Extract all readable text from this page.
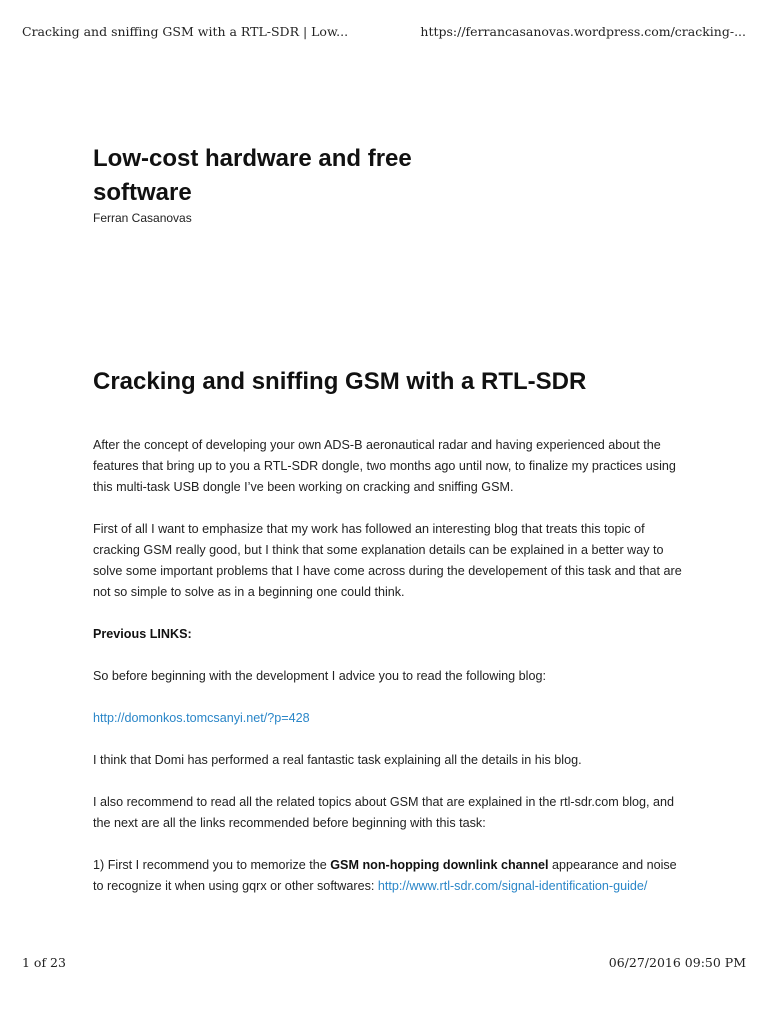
Cracking and sniffing GSM with a RTL-SDR | Low...	https://ferrancasanovas.wordpress.com/cracking-...
Low-cost hardware and free software
Ferran Casanovas
Cracking and sniffing GSM with a RTL-SDR

After the concept of developing your own ADS-B aeronautical radar and having experienced about the features that bring up to you a RTL-SDR dongle, two months ago until now, to finalize my practices using this multi-task USB dongle I’ve been working on cracking and sniffing GSM.

First of all I want to emphasize that my work has followed an interesting blog that treats this topic of cracking GSM really good, but I think that some explanation details can be explained in a better way to solve some important problems that I have come across during the developement of this task and that are not so simple to solve as in a beginning one could think.

Previous LINKS:

So before beginning with the development I advice you to read the following blog:

http://domonkos.tomcsanyi.net/?p=428

I think that Domi has performed a real fantastic task explaining all the details in his blog.

I also recommend to read all the related topics about GSM that are explained in the rtl-sdr.com blog, and the next are all the links recommended before beginning with this task:

1) First I recommend you to memorize the GSM non-hopping downlink channel appearance and noise to recognize it when using gqrx or other softwares: http://www.rtl-sdr.com/signal-identification-guide/

1 of 23	06/27/2016 09:50 PM
